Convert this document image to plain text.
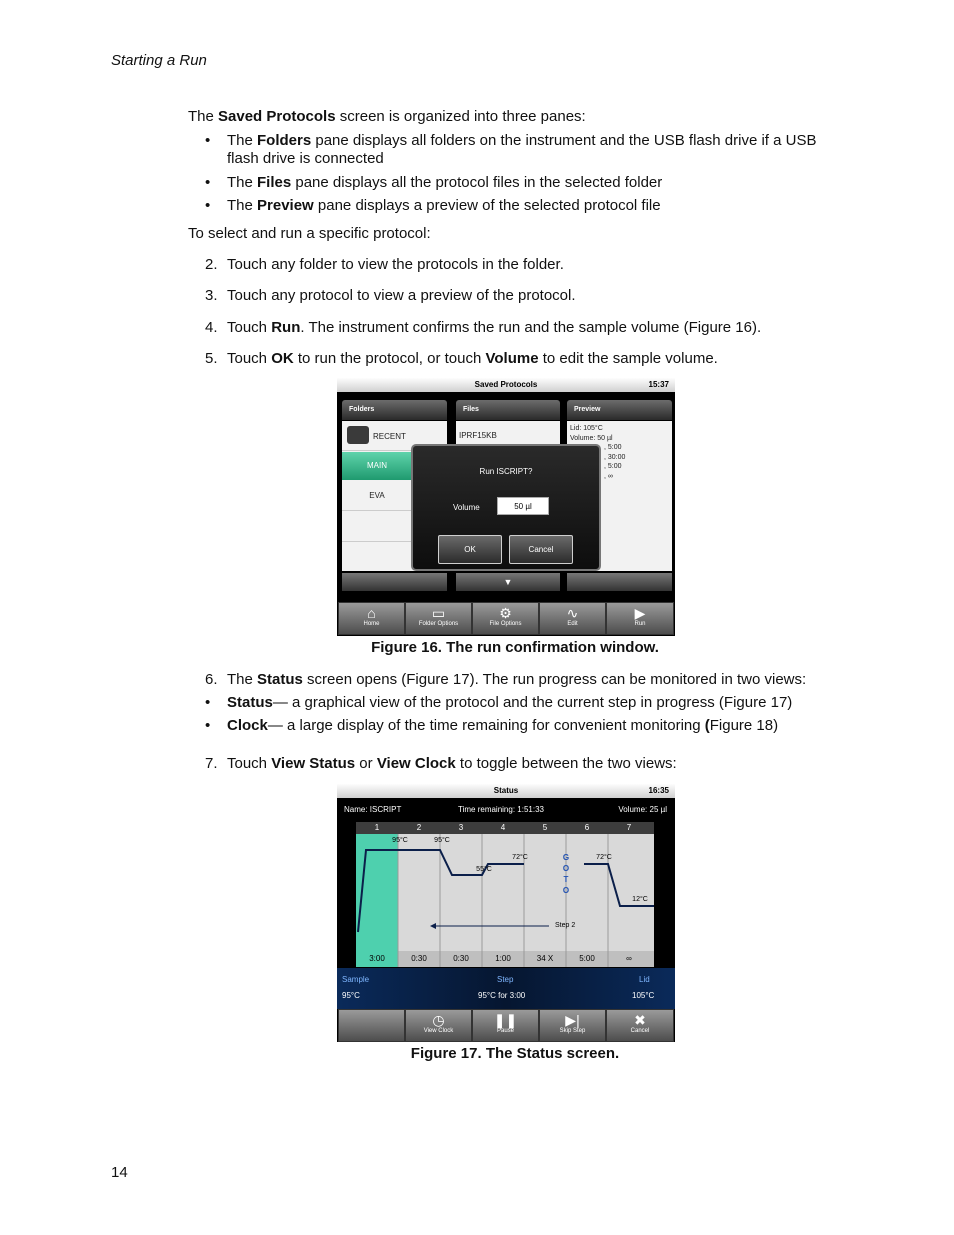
Starting a Run
The Saved Protocols screen is organized into three panes:
• The Folders pane displays all folders on the instrument and the USB flash drive if a USB flash drive is connected
• The Files pane displays all the protocol files in the selected folder
• The Preview pane displays a preview of the selected protocol file
To select and run a specific protocol:
2. Touch any folder to view the protocols in the folder.
3. Touch any protocol to view a preview of the protocol.
4. Touch Run. The instrument confirms the run and the sample volume (Figure 16).
5. Touch OK to run the protocol, or touch Volume to edit the sample volume.
Saved Protocols	15:37
Folders	Files	Preview
RECENT
MAIN
EVA
IPRF15KB
Lid: 105°C
Volume: 50 µl
, 5:00
, 30:00
, 5:00
, ∞
▼
Run ISCRIPT?
Volume	50 µl
OK	Cancel
⌂
Home
▭
Folder Options
⚙
File Options
∿
Edit
▶
Run
Figure 16. The run confirmation window.
6. The Status screen opens (Figure 17). The run progress can be monitored in two views:
• Status— a graphical view of the protocol and the current step in progress (Figure 17)
• Clock— a large display of the time remaining for convenient monitoring (Figure 18)
7. Touch View Status or View Clock to toggle between the two views:
Status	16:35
Name: ISCRIPT	Time remaining: 1:51:33	Volume: 25 µl
1	2	3	4	5	6	7
95°C	95°C
55°C
72°C	72°C
12°C
G
O
T
O
Step 2
3:00	0:30	0:30	1:00	34 X	5:00	∞
Sample	Step	Lid
95°C	95°C for 3:00	105°C
◷
View Clock
❚❚
Pause
▶|
Skip Step
✖
Cancel
Figure 17. The Status screen.
14
